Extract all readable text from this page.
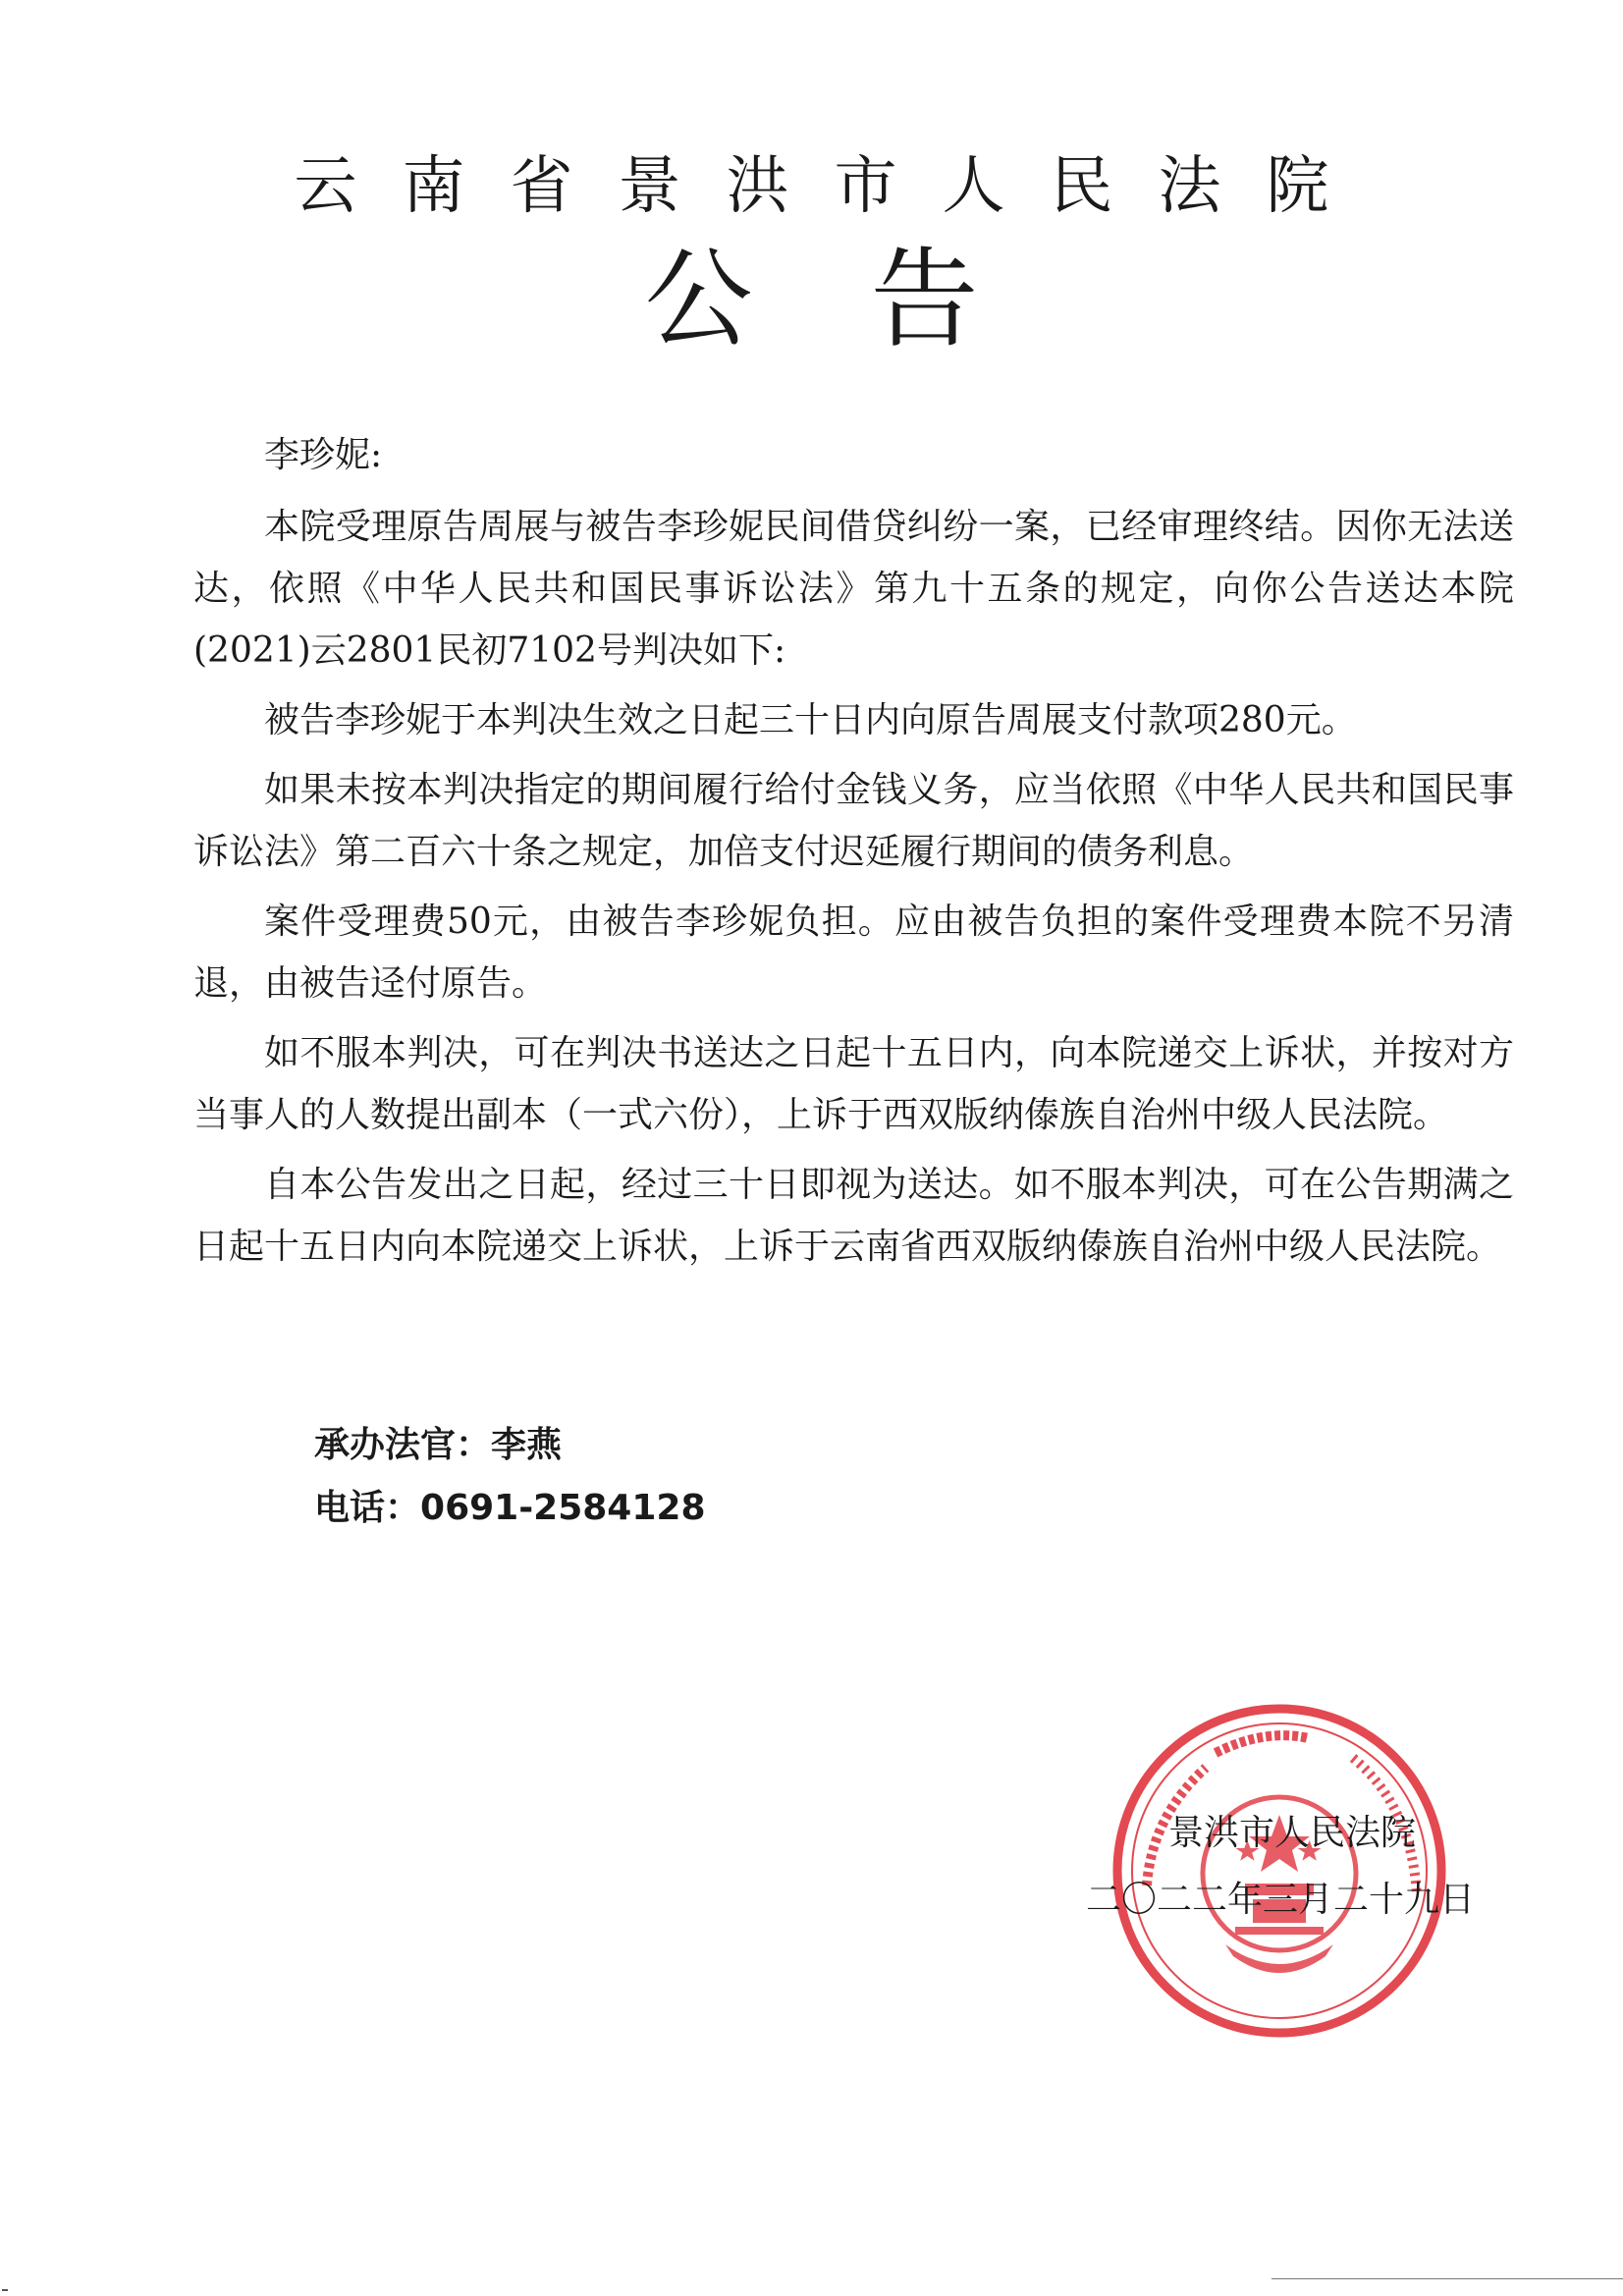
云南省景洪市人民法院
公告

李珍妮:

本院受理原告周展与被告李珍妮民间借贷纠纷一案，已经审理终结。因你无法送达，依照《中华人民共和国民事诉讼法》第九十五条的规定，向你公告送达本院(2021)云2801民初7102号判决如下:

被告李珍妮于本判决生效之日起三十日内向原告周展支付款项280元。

如果未按本判决指定的期间履行给付金钱义务，应当依照《中华人民共和国民事诉讼法》第二百六十条之规定，加倍支付迟延履行期间的债务利息。

案件受理费50元，由被告李珍妮负担。应由被告负担的案件受理费本院不另清退，由被告迳付原告。

如不服本判决，可在判决书送达之日起十五日内，向本院递交上诉状，并按对方当事人的人数提出副本（一式六份），上诉于西双版纳傣族自治州中级人民法院。

自本公告发出之日起，经过三十日即视为送达。如不服本判决，可在公告期满之日起十五日内向本院递交上诉状，上诉于云南省西双版纳傣族自治州中级人民法院。

承办法官：李燕
电话：0691-2584128
景洪市人民法院
二〇二二年三月二十九日
